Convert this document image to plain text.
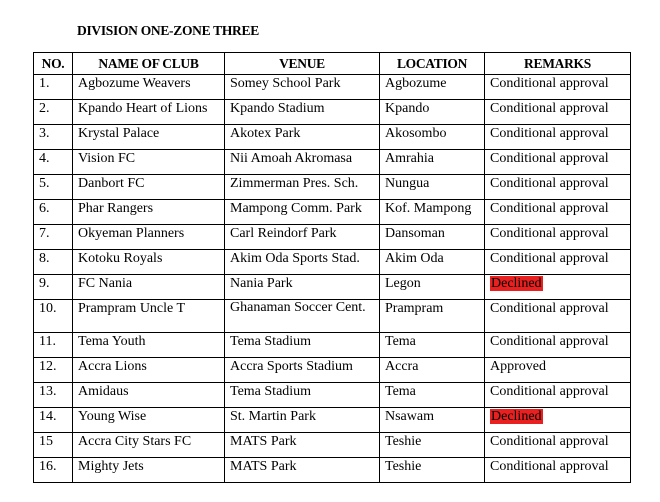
DIVISION ONE-ZONE THREE
NO.	NAME OF CLUB	VENUE	LOCATION	REMARKS
1.	Agbozume Weavers	Somey School Park	Agbozume	Conditional approval
2.	Kpando Heart of Lions	Kpando Stadium	Kpando	Conditional approval
3.	Krystal Palace	Akotex Park	Akosombo	Conditional approval
4.	Vision FC	Nii Amoah Akromasa	Amrahia	Conditional approval
5.	Danbort FC	Zimmerman Pres. Sch.	Nungua	Conditional approval
6.	Phar Rangers	Mampong Comm. Park	Kof. Mampong	Conditional approval
7.	Okyeman Planners	Carl Reindorf Park	Dansoman	Conditional approval
8.	Kotoku Royals	Akim Oda Sports Stad.	Akim Oda	Conditional approval
9.	FC Nania	Nania Park	Legon	Declined
10.	Prampram Uncle T	Ghanaman Soccer Cent.	Prampram	Conditional approval
11.	Tema Youth	Tema Stadium	Tema	Conditional approval
12.	Accra Lions	Accra Sports Stadium	Accra	Approved
13.	Amidaus	Tema Stadium	Tema	Conditional approval
14.	Young Wise	St. Martin Park	Nsawam	Declined
15	Accra City Stars FC	MATS Park	Teshie	Conditional approval
16.	Mighty Jets	MATS Park	Teshie	Conditional approval
